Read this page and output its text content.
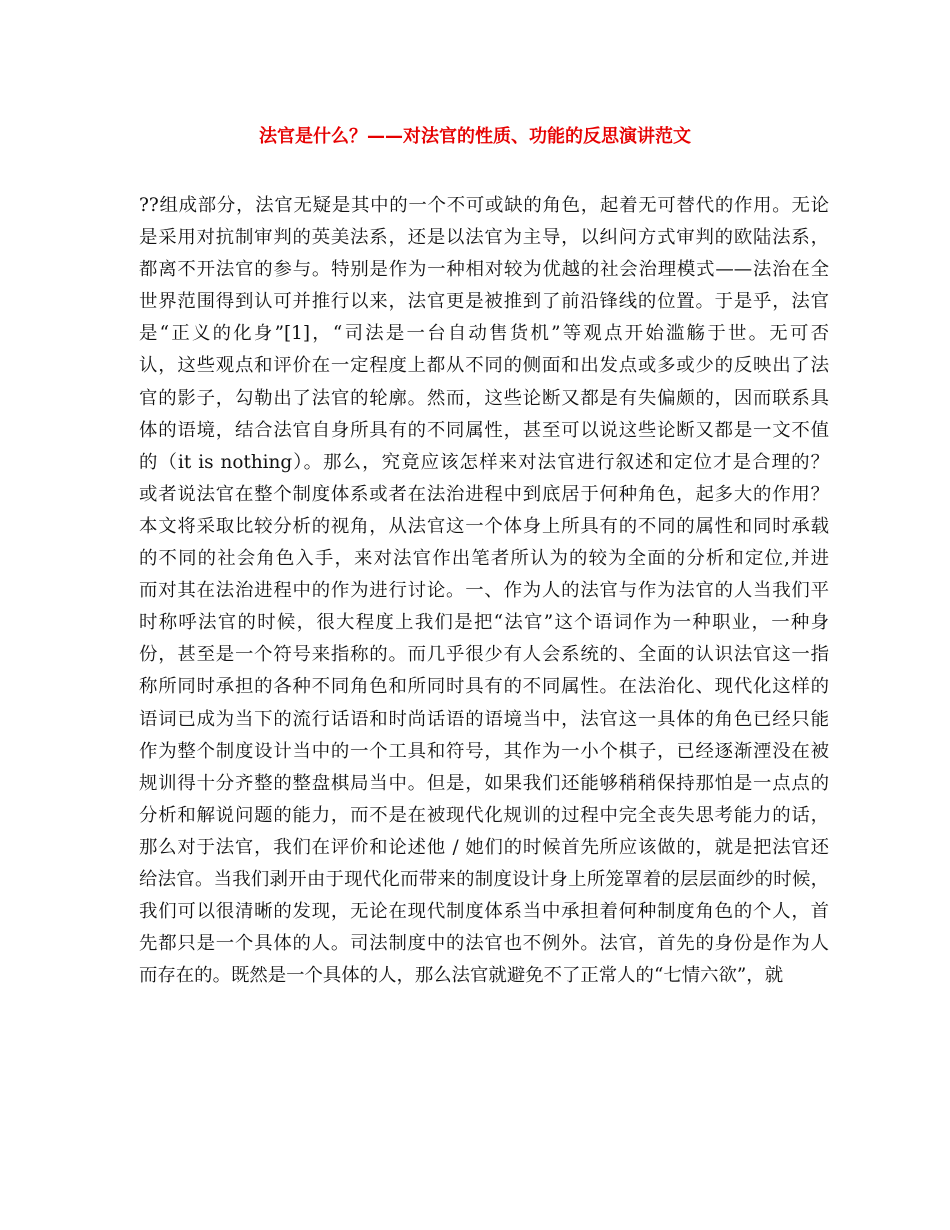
法官是什么？——对法官的性质、功能的反思演讲范文
??组成部分，法官无疑是其中的一个不可或缺的角色，起着无可替代的作用。无论
是采用对抗制审判的英美法系，还是以法官为主导，以纠问方式审判的欧陆法系，
都离不开法官的参与。特别是作为一种相对较为优越的社会治理模式——法治在全
世界范围得到认可并推行以来，法官更是被推到了前沿锋线的位置。于是乎，法官
是“正义的化身”[1]，“司法是一台自动售货机”等观点开始滥觞于世。无可否
认，这些观点和评价在一定程度上都从不同的侧面和出发点或多或少的反映出了法
官的影子，勾勒出了法官的轮廓。然而，这些论断又都是有失偏颇的，因而联系具
体的语境，结合法官自身所具有的不同属性，甚至可以说这些论断又都是一文不值
的（it is nothing）。那么，究竟应该怎样来对法官进行叙述和定位才是合理的？
或者说法官在整个制度体系或者在法治进程中到底居于何种角色，起多大的作用？
本文将采取比较分析的视角，从法官这一个体身上所具有的不同的属性和同时承载
的不同的社会角色入手，来对法官作出笔者所认为的较为全面的分析和定位,并进
而对其在法治进程中的作为进行讨论。一、作为人的法官与作为法官的人当我们平
时称呼法官的时候，很大程度上我们是把“法官”这个语词作为一种职业，一种身
份，甚至是一个符号来指称的。而几乎很少有人会系统的、全面的认识法官这一指
称所同时承担的各种不同角色和所同时具有的不同属性。在法治化、现代化这样的
语词已成为当下的流行话语和时尚话语的语境当中，法官这一具体的角色已经只能
作为整个制度设计当中的一个工具和符号，其作为一小个棋子，已经逐渐湮没在被
规训得十分齐整的整盘棋局当中。但是，如果我们还能够稍稍保持那怕是一点点的
分析和解说问题的能力，而不是在被现代化规训的过程中完全丧失思考能力的话，
那么对于法官，我们在评价和论述他 / 她们的时候首先所应该做的，就是把法官还
给法官。当我们剥开由于现代化而带来的制度设计身上所笼罩着的层层面纱的时候，
我们可以很清晰的发现，无论在现代制度体系当中承担着何种制度角色的个人，首
先都只是一个具体的人。司法制度中的法官也不例外。法官，首先的身份是作为人
而存在的。既然是一个具体的人，那么法官就避免不了正常人的“七情六欲”，就
